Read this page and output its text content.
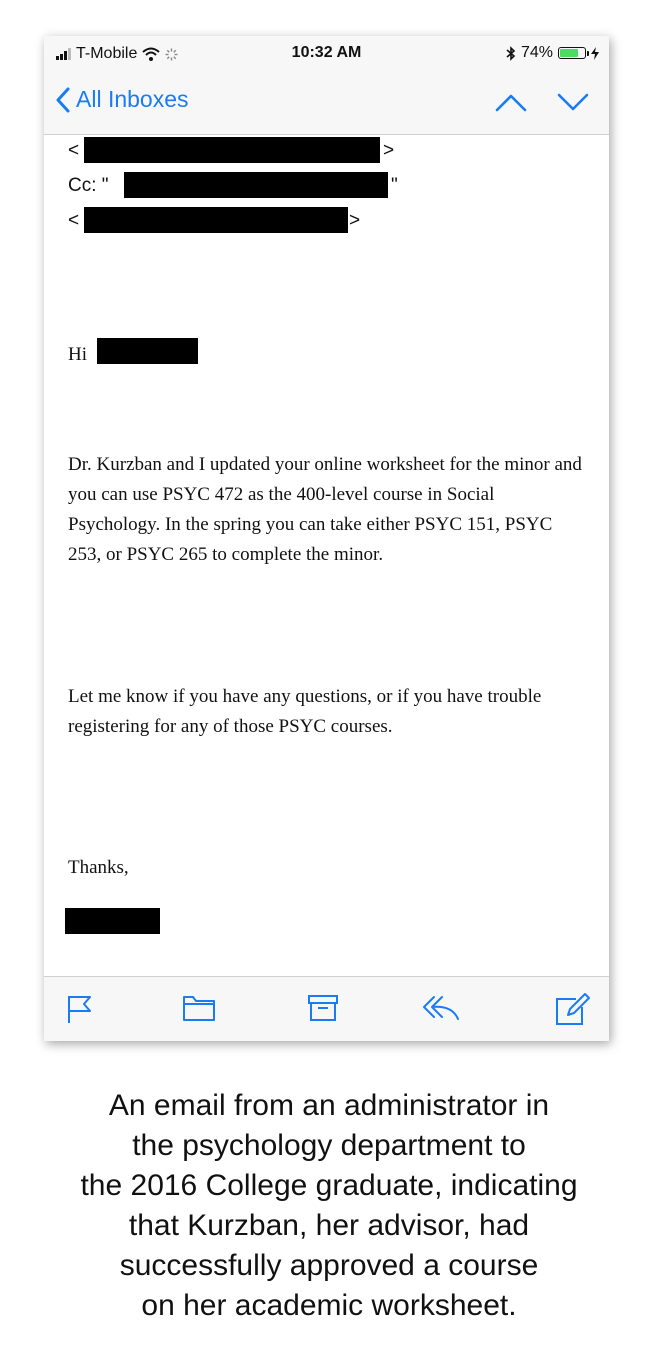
T-Mobile	10:32 AM	74%
All Inboxes
<	>
Cc: "	"
<	>
Hi
Dr. Kurzban and I updated your online worksheet for the minor and you can use PSYC 472 as the 400-level course in Social Psychology. In the spring you can take either PSYC 151, PSYC 253, or PSYC 265 to complete the minor.
Let me know if you have any questions, or if you have trouble registering for any of those PSYC courses.
Thanks,
An email from an administrator in
the psychology department to
the 2016 College graduate, indicating
that Kurzban, her advisor, had
successfully approved a course
on her academic worksheet.
